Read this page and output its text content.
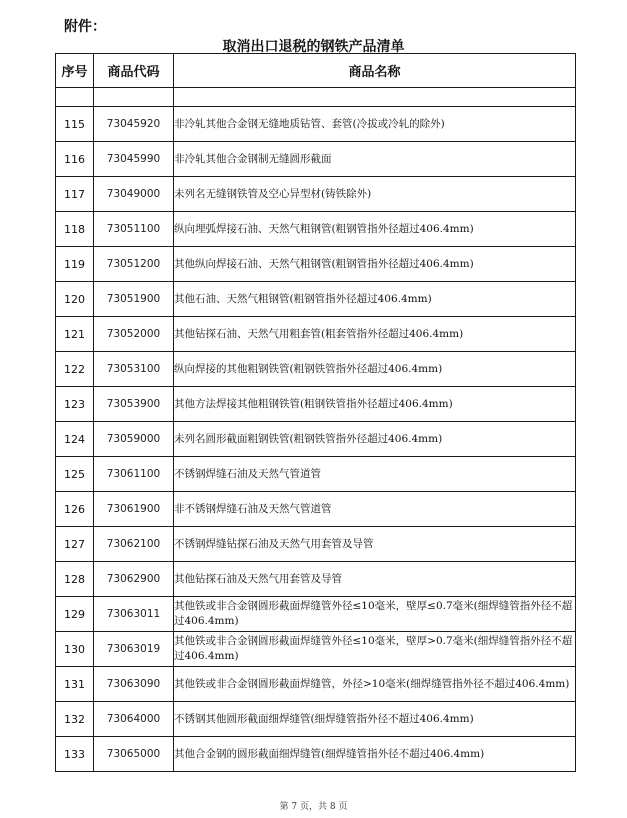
附件：
取消出口退税的钢铁产品清单
序号	商品代码	商品名称

115	73045920	非冷轧其他合金钢无缝地质钻管、套管(冷拔或冷轧的除外)
116	73045990	非冷轧其他合金钢制无缝圆形截面
117	73049000	未列名无缝钢铁管及空心异型材(铸铁除外)
118	73051100	纵向埋弧焊接石油、天然气粗钢管(粗钢管指外径超过406.4mm)
119	73051200	其他纵向焊接石油、天然气粗钢管(粗钢管指外径超过406.4mm)
120	73051900	其他石油、天然气粗钢管(粗钢管指外径超过406.4mm)
121	73052000	其他钻探石油、天然气用粗套管(粗套管指外径超过406.4mm)
122	73053100	纵向焊接的其他粗钢铁管(粗钢铁管指外径超过406.4mm)
123	73053900	其他方法焊接其他粗钢铁管(粗钢铁管指外径超过406.4mm)
124	73059000	未列名圆形截面粗钢铁管(粗钢铁管指外径超过406.4mm)
125	73061100	不锈钢焊缝石油及天然气管道管
126	73061900	非不锈钢焊缝石油及天然气管道管
127	73062100	不锈钢焊缝钻探石油及天然气用套管及导管
128	73062900	其他钻探石油及天然气用套管及导管
129	73063011	其他铁或非合金钢圆形截面焊缝管外径≤10毫米，壁厚≤0.7毫米(细焊缝管指外径不超过406.4mm)
130	73063019	其他铁或非合金钢圆形截面焊缝管外径≤10毫米，壁厚>0.7毫米(细焊缝管指外径不超过406.4mm)
131	73063090	其他铁或非合金钢圆形截面焊缝管，外径>10毫米(细焊缝管指外径不超过406.4mm)
132	73064000	不锈钢其他圆形截面细焊缝管(细焊缝管指外径不超过406.4mm)
133	73065000	其他合金钢的圆形截面细焊缝管(细焊缝管指外径不超过406.4mm)
第 7 页，共 8 页
